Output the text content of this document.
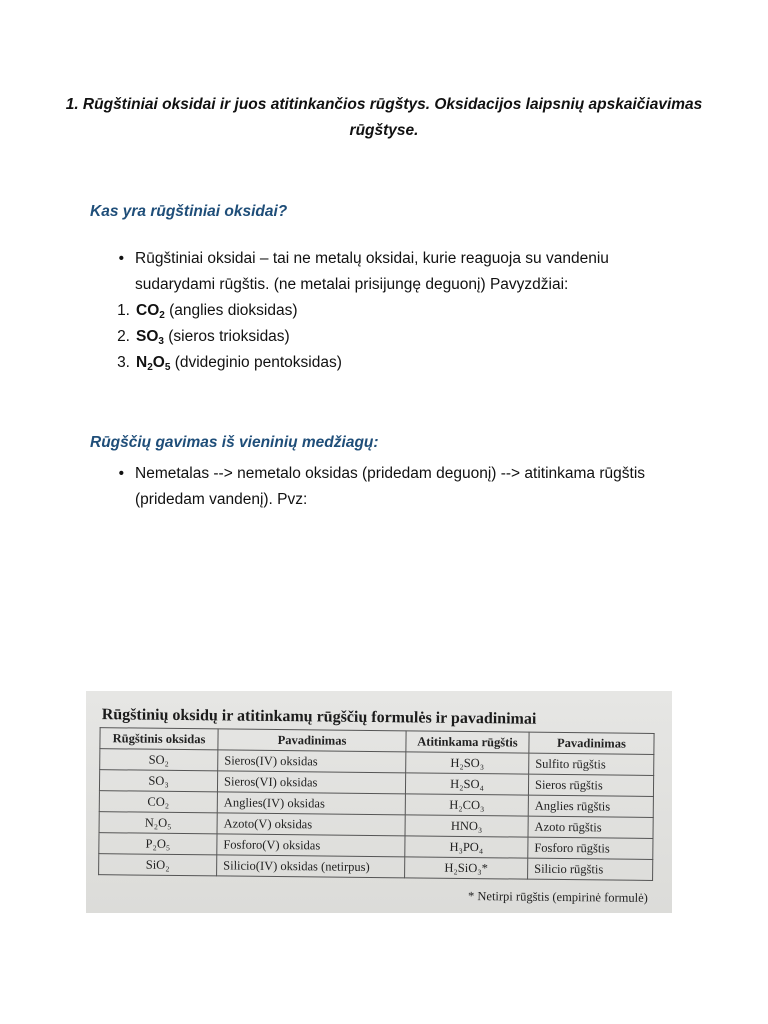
1. Rūgštiniai oksidai ir juos atitinkančios rūgštys. Oksidacijos laipsnių apskaičiavimas rūgštyse.
Kas yra rūgštiniai oksidai?
• Rūgštiniai oksidai – tai ne metalų oksidai, kurie reaguoja su vandeniu sudarydami rūgštis. (ne metalai prisijungę deguonį) Pavyzdžiai:
1. $CO_2$ (anglies dioksidas)
2. $SO_3$ (sieros trioksidas)
3. $N_2O_5$ (dvideginio pentoksidas)
Rūgščių gavimas iš vieninių medžiagų:
• Nemetalas --> nemetalo oksidas (pridedam deguonį) --> atitinkama rūgštis (pridedam vandenį). Pvz:
Rūgštinių oksidų ir atitinkamų rūgščių formulės ir pavadinimai
Rūgštinis oksidas	Pavadinimas	Atitinkama rūgštis	Pavadinimas
SO₂	Sieros(IV) oksidas	H₂SO₃	Sulfito rūgštis
SO₃	Sieros(VI) oksidas	H₂SO₄	Sieros rūgštis
CO₂	Anglies(IV) oksidas	H₂CO₃	Anglies rūgštis
N₂O₅	Azoto(V) oksidas	HNO₃	Azoto rūgštis
P₂O₅	Fosforo(V) oksidas	H₃PO₄	Fosforo rūgštis
SiO₂	Silicio(IV) oksidas (netirpus)	H₂SiO₃*	Silicio rūgštis
* Netirpi rūgštis (empirinė formulė)
